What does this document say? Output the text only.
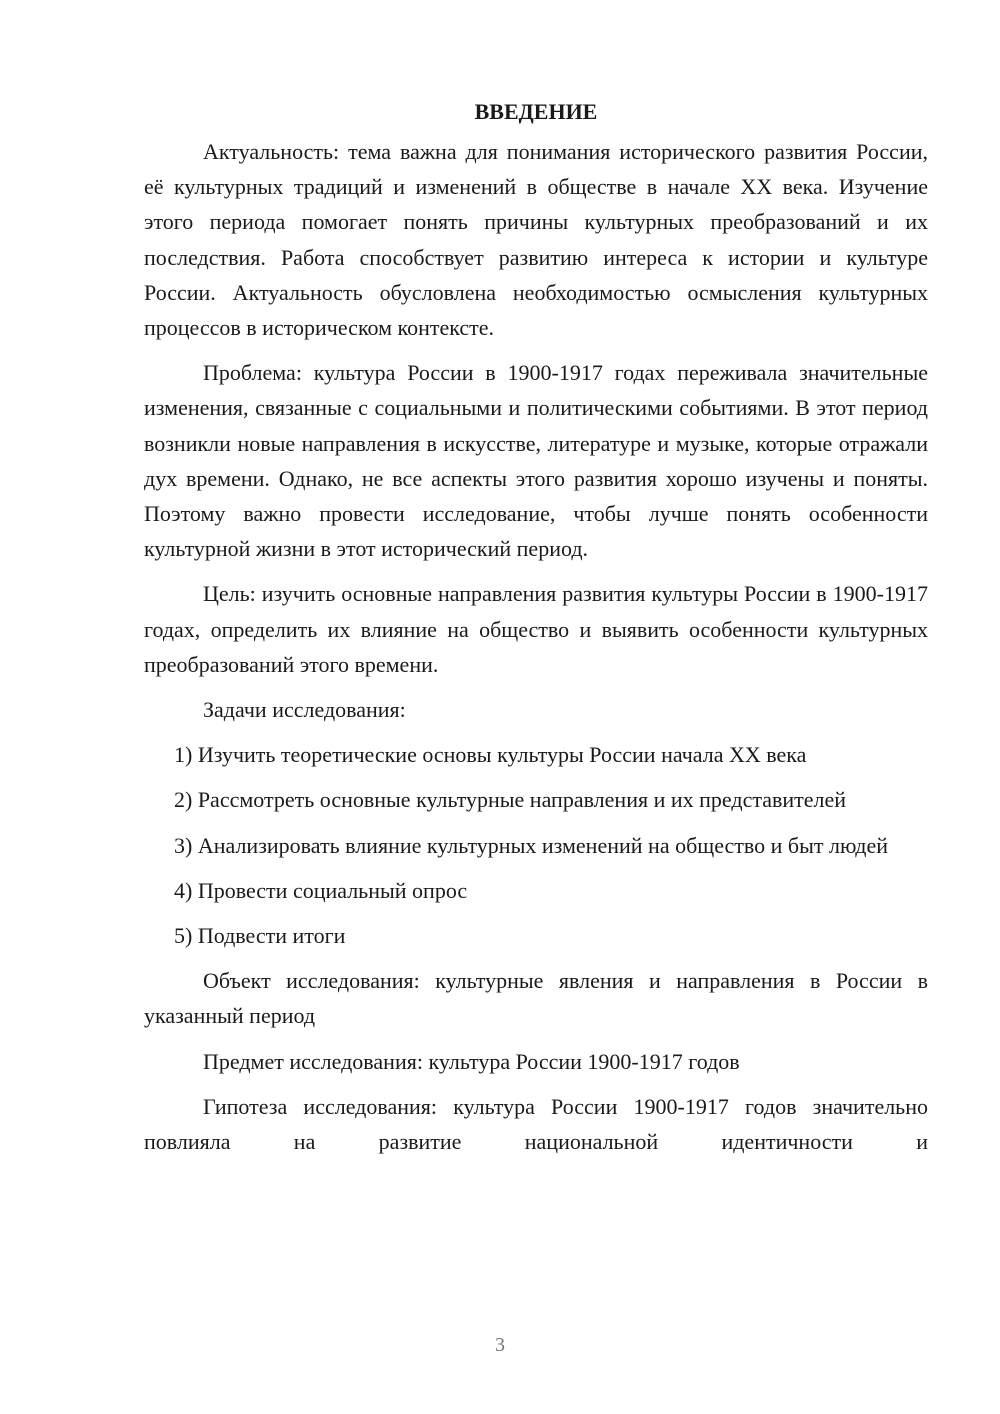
ВВЕДЕНИЕ

Актуальность: тема важна для понимания исторического развития России, её культурных традиций и изменений в обществе в начале XX века. Изучение этого периода помогает понять причины культурных преобразований и их последствия. Работа способствует развитию интереса к истории и культуре России. Актуальность обусловлена необходимостью осмысления культурных процессов в историческом контексте.

Проблема: культура России в 1900-1917 годах переживала значительные изменения, связанные с социальными и политическими событиями. В этот период возникли новые направления в искусстве, литературе и музыке, которые отражали дух времени. Однако, не все аспекты этого развития хорошо изучены и поняты. Поэтому важно провести исследование, чтобы лучше понять особенности культурной жизни в этот исторический период.

Цель: изучить основные направления развития культуры России в 1900-1917 годах, определить их влияние на общество и выявить особенности культурных преобразований этого времени.

Задачи исследования:

1) Изучить теоретические основы культуры России начала XX века

2) Рассмотреть основные культурные направления и их представителей

3) Анализировать влияние культурных изменений на общество и быт людей

4) Провести социальный опрос

5) Подвести итоги

Объект исследования: культурные явления и направления в России в указанный период

Предмет исследования: культура России 1900-1917 годов

Гипотеза исследования: культура России 1900-1917 годов значительно повлияла на развитие национальной идентичности и

3
